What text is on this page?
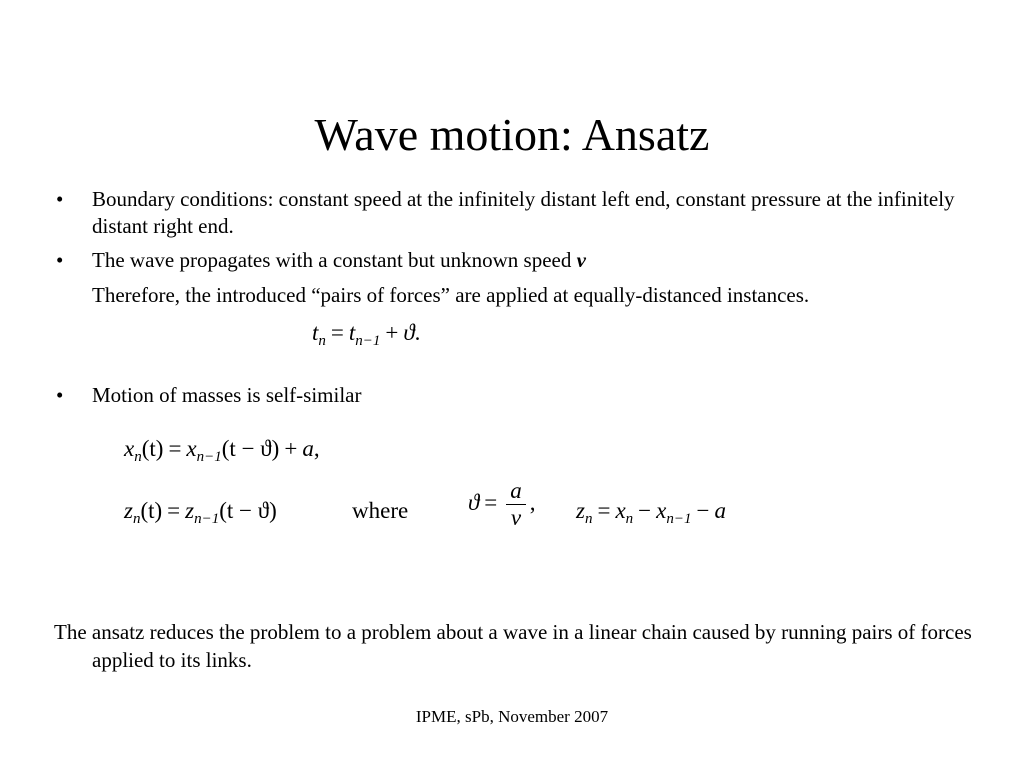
Wave motion: Ansatz
• Boundary conditions: constant speed at the infinitely distant left end, constant pressure at the infinitely distant right end.
• The wave propagates with a constant but unknown speed v
Therefore, the introduced “pairs of forces” are applied at equally-distanced instances.
$t_n = t_{n-1} + ϑ$.
• Motion of masses is self-similar
$x_n(t) = x_{n-1}(t - ϑ) + a$,
$z_n(t) = z_{n-1}(t - ϑ)$	where	$ϑ = \frac{a}{v}$ , $z_n = x_n - x_{n-1} - a$
The ansatz reduces the problem to a problem about a wave in a linear chain caused by running pairs of forces applied to its links.
IPME, sPb, November 2007
